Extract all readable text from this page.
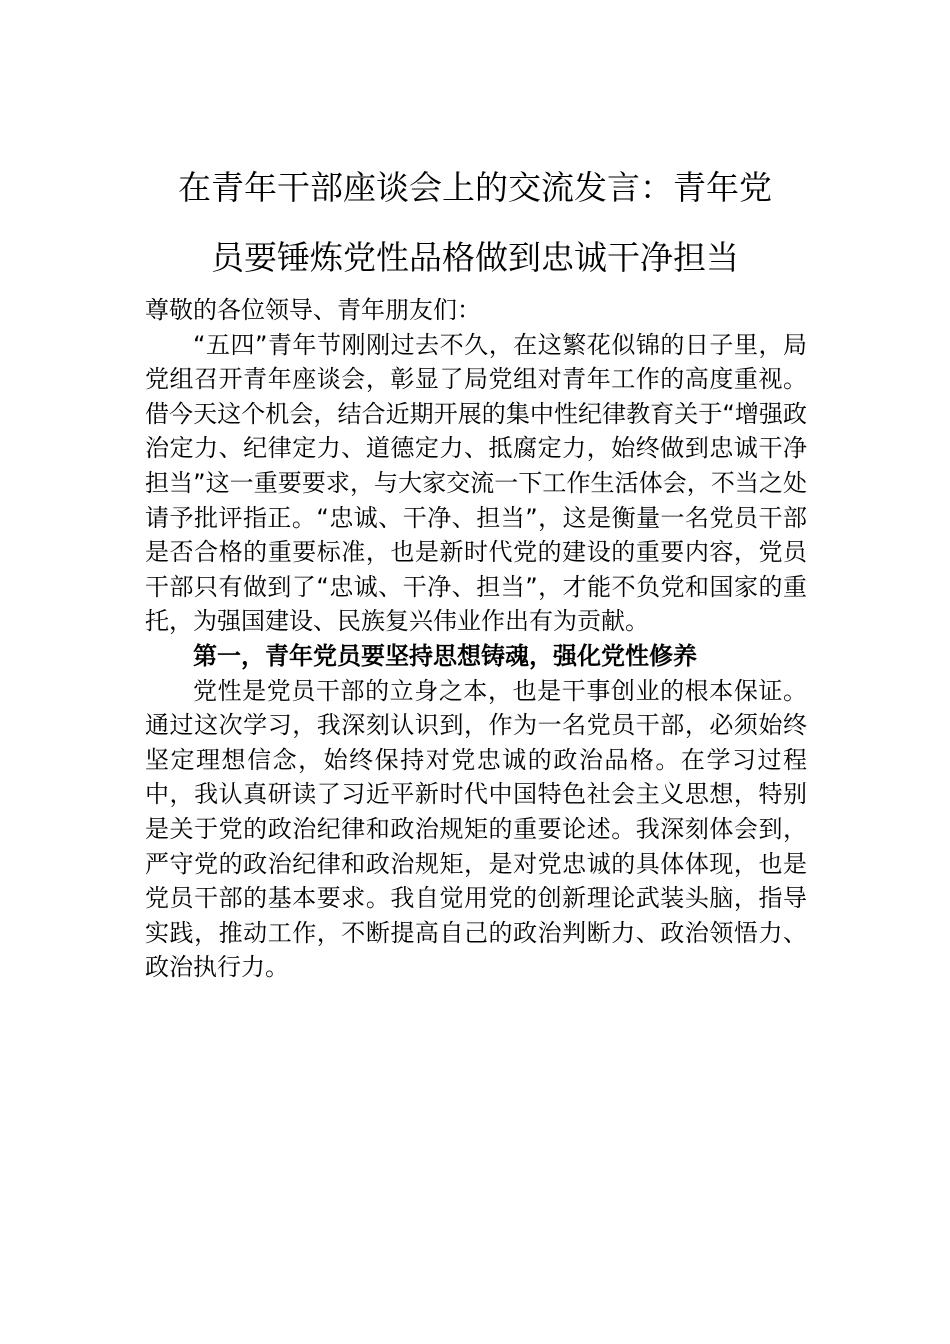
在青年干部座谈会上的交流发言：青年党
员要锤炼党性品格做到忠诚干净担当

尊敬的各位领导、青年朋友们：

“五四”青年节刚刚过去不久，在这繁花似锦的日子里，局党组召开青年座谈会，彰显了局党组对青年工作的高度重视。借今天这个机会，结合近期开展的集中性纪律教育关于“增强政治定力、纪律定力、道德定力、抵腐定力，始终做到忠诚干净担当”这一重要要求，与大家交流一下工作生活体会，不当之处请予批评指正。“忠诚、干净、担当”，这是衡量一名党员干部是否合格的重要标准，也是新时代党的建设的重要内容，党员干部只有做到了“忠诚、干净、担当”，才能不负党和国家的重托，为强国建设、民族复兴伟业作出有为贡献。

第一，青年党员要坚持思想铸魂，强化党性修养

党性是党员干部的立身之本，也是干事创业的根本保证。通过这次学习，我深刻认识到，作为一名党员干部，必须始终坚定理想信念，始终保持对党忠诚的政治品格。在学习过程中，我认真研读了习近平新时代中国特色社会主义思想，特别是关于党的政治纪律和政治规矩的重要论述。我深刻体会到，严守党的政治纪律和政治规矩，是对党忠诚的具体体现，也是党员干部的基本要求。我自觉用党的创新理论武装头脑，指导实践，推动工作，不断提高自己的政治判断力、政治领悟力、政治执行力。
